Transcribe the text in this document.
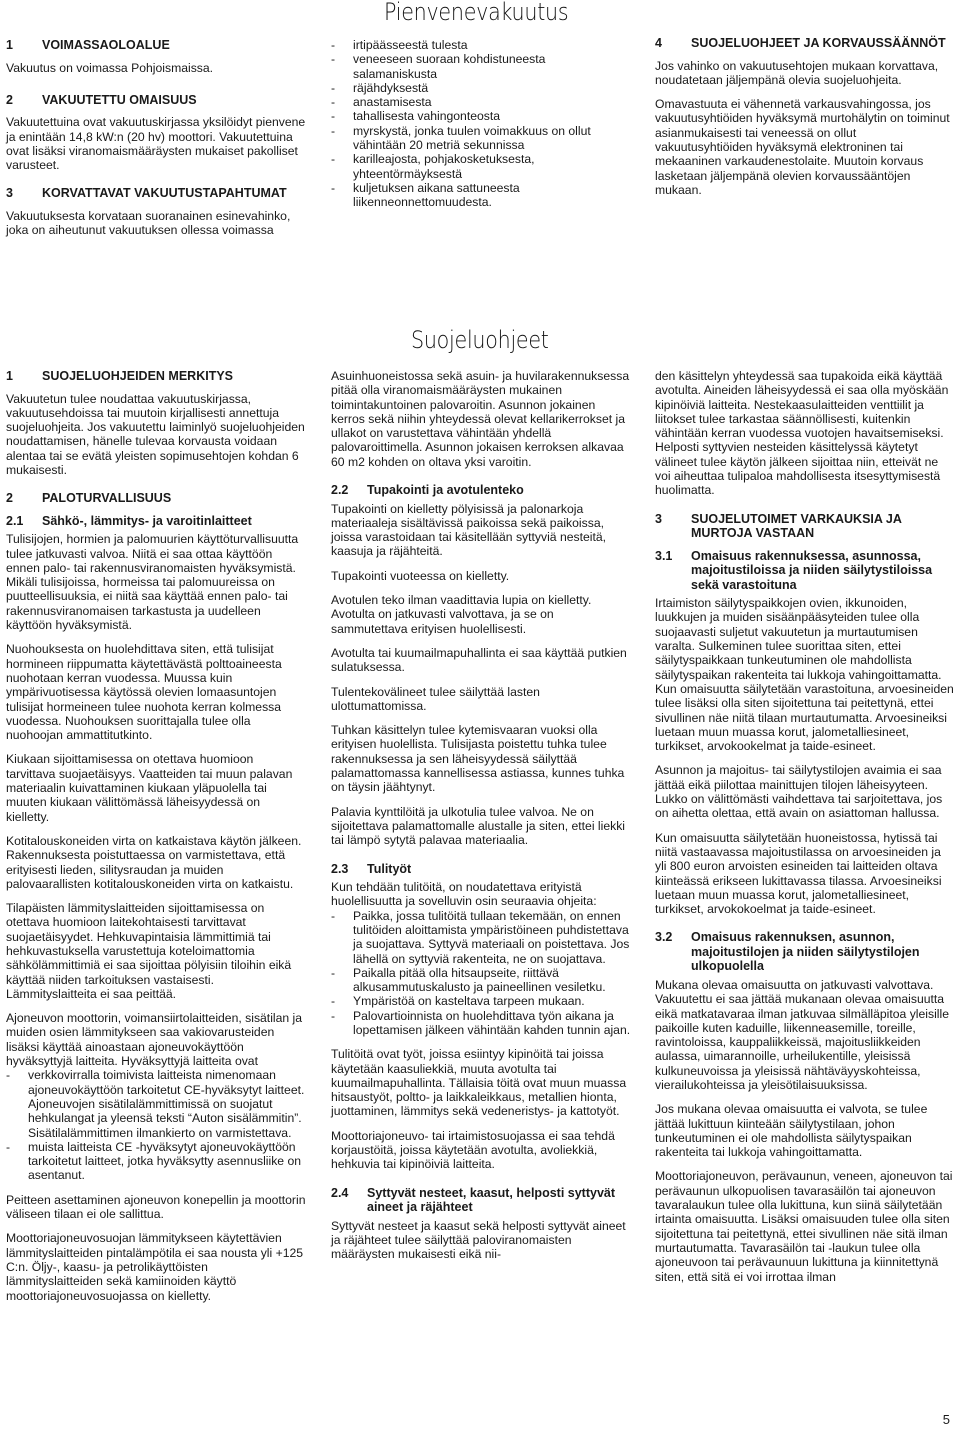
Pienvenevakuutus
1	VOIMASSAOLOALUE

Vakuutus on voimassa Pohjoismaissa.

2	VAKUUTETTU OMAISUUS

Vakuutettuina ovat vakuutuskirjassa yksilöidyt pienvene ja enintään 14,8 kW:n (20 hv) moottori. Vakuutettuina ovat lisäksi viranomaismääräysten mukaiset pakolliset varusteet.

3	KORVATTAVAT VAKUUTUSTAPAHTUMAT

Vakuutuksesta korvataan suoranainen esinevahinko, joka on aiheutunut vakuutuksen ollessa voimassa

-	irtipäässeestä tulesta
-	veneeseen suoraan kohdistuneesta salamaniskusta
-	räjähdyksestä
-	anastamisesta
-	tahallisesta vahingonteosta
-	myrskystä, jonka tuulen voimakkuus on ollut vähintään 20 metriä sekunnissa
-	karilleajosta, pohjakosketuksesta, yhteentörmäyksestä
-	kuljetuksen aikana sattuneesta liikenneonnettomuudesta.
4	SUOJELUOHJEET JA KORVAUSSÄÄNNÖT

Jos vahinko on vakuutusehtojen mukaan korvattava, noudatetaan jäljempänä olevia suojeluohjeita.

Omavastuuta ei vähennetä varkausvahingossa, jos vakuutusyhtiöiden hyväksymä murtohälytin on toiminut asianmukaisesti tai veneessä on ollut vakuutusyhtiöiden hyväksymä elektroninen tai mekaaninen varkaudenestolaite. Muutoin korvaus lasketaan jäljempänä olevien korvaussääntöjen mukaan.

Suojeluohjeet
1	SUOJELUOHJEIDEN MERKITYS

Vakuutetun tulee noudattaa vakuutuskirjassa, vakuutusehdoissa tai muutoin kirjallisesti annettuja suojeluohjeita. Jos vakuutettu laiminlyö suojeluohjeiden noudattamisen, hänelle tulevaa korvausta voidaan alentaa tai se evätä yleisten sopimusehtojen kohdan 6 mukaisesti.

2	PALOTURVALLISUUS
2.1	Sähkö-, lämmitys- ja varoitinlaitteet

Tulisijojen, hormien ja palomuurien käyttöturvallisuutta tulee jatkuvasti valvoa. Niitä ei saa ottaa käyttöön ennen palo- tai rakennusviranomaisten hyväksymistä. Mikäli tulisijoissa, hormeissa tai palomuureissa on puutteellisuuksia, ei niitä saa käyttää ennen palo- tai rakennusviranomaisen tarkastusta ja uudelleen käyttöön hyväksymistä.

Nuohouksesta on huolehdittava siten, että tulisijat hormineen riippumatta käytettävästä polttoaineesta nuohotaan kerran vuodessa. Muussa kuin ympärivuotisessa käytössä olevien lomaasuntojen tulisijat hormeineen tulee nuohota kerran kolmessa vuodessa. Nuohouksen suorittajalla tulee olla nuohoojan ammattitutkinto.

Kiukaan sijoittamisessa on otettava huomioon tarvittava suojaetäisyys. Vaatteiden tai muun palavan materiaalin kuivattaminen kiukaan yläpuolella tai muuten kiukaan välittömässä läheisyydessä on kielletty.

Kotitalouskoneiden virta on katkaistava käytön jälkeen. Rakennuksesta poistuttaessa on varmistettava, että erityisesti lieden, silitysraudan ja muiden palovaarallisten kotitalouskoneiden virta on katkaistu.

Tilapäisten lämmityslaitteiden sijoittamisessa on otettava huomioon laitekohtaisesti tarvittavat suojaetäisyydet. Hehkuvapintaisia lämmittimiä tai hehkuvastuksella varustettuja koteloimattomia sähkölämmittimiä ei saa sijoittaa pölyisiin tiloihin eikä käyttää niiden tarkoituksen vastaisesti. Lämmityslaitteita ei saa peittää.

Ajoneuvon moottorin, voimansiirtolaitteiden, sisätilan ja muiden osien lämmitykseen saa vakiovarusteiden lisäksi käyttää ainoastaan ajoneuvokäyttöön hyväksyttyjä laitteita. Hyväksyttyjä laitteita ovat

-	verkkovirralla toimivista laitteista nimenomaan ajoneuvokäyttöön tarkoitetut CE-hyväksytyt laitteet. Ajoneuvojen sisätilalämmittimissä on suojatut hehkulangat ja yleensä teksti “Auton sisälämmitin”. Sisätilalämmittimen ilmankierto on varmistettava.
-	muista laitteista CE -hyväksytyt ajoneuvokäyttöön tarkoitetut laitteet, jotka hyväksytty asennusliike on asentanut.

Peitteen asettaminen ajoneuvon konepellin ja moottorin väliseen tilaan ei ole sallittua.

Moottoriajoneuvosuojan lämmitykseen käytettävien lämmityslaitteiden pintalämpötila ei saa nousta yli +125 C:n. Öljy-, kaasu- ja petrolikäyttöisten lämmityslaitteiden sekä kamiinoiden käyttö moottoriajoneuvosuojassa on kielletty.

Asuinhuoneistossa sekä asuin- ja huvilarakennuksessa pitää olla viranomaismääräysten mukainen toimintakuntoinen palovaroitin. Asunnon jokainen kerros sekä niihin yhteydessä olevat kellarikerrokset ja ullakot on varustettava vähintään yhdellä palovaroittimella. Asunnon jokaisen kerroksen alkavaa 60 m2 kohden on oltava yksi varoitin.

2.2	Tupakointi ja avotulenteko

Tupakointi on kielletty pölyisissä ja palonarkoja materiaaleja sisältävissä paikoissa sekä paikoissa, joissa varastoidaan tai käsitellään syttyviä nesteitä, kaasuja ja räjähteitä.

Tupakointi vuoteessa on kielletty.

Avotulen teko ilman vaadittavia lupia on kielletty. Avotulta on jatkuvasti valvottava, ja se on sammutettava erityisen huolellisesti.

Avotulta tai kuumailmapuhallinta ei saa käyttää putkien sulatuksessa.

Tulentekovälineet tulee säilyttää lasten ulottumattomissa.

Tuhkan käsittelyn tulee kytemisvaaran vuoksi olla erityisen huolellista. Tulisijasta poistettu tuhka tulee rakennuksessa ja sen läheisyydessä säilyttää palamattomassa kannellisessa astiassa, kunnes tuhka on täysin jäähtynyt.

Palavia kynttilöitä ja ulkotulia tulee valvoa. Ne on sijoitettava palamattomalle alustalle ja siten, ettei liekki tai lämpö sytytä palavaa materiaalia.

2.3	Tulityöt

Kun tehdään tulitöitä, on noudatettava erityistä huolellisuutta ja sovelluvin osin seuraavia ohjeita:

-	Paikka, jossa tulitöitä tullaan tekemään, on ennen tulitöiden aloittamista ympäristöineen puhdistettava ja suojattava. Syttyvä materiaali on poistettava. Jos lähellä on syttyviä rakenteita, ne on suojattava.
-	Paikalla pitää olla hitsaupseite, riittävä alkusammutuskalusto ja paineellinen vesiletku.
-	Ympäristöä on kasteltava tarpeen mukaan.
-	Palovartioinnista on huolehdittava työn aikana ja lopettamisen jälkeen vähintään kahden tunnin ajan.

Tulitöitä ovat työt, joissa esiintyy kipinöitä tai joissa käytetään kaasuliekkiä, muuta avotulta tai kuumailmapuhallinta. Tällaisia töitä ovat muun muassa hitsaustyöt, poltto- ja laikkaleikkaus, metallien hionta, juottaminen, lämmitys sekä vedeneristys- ja kattotyöt.

Moottoriajoneuvo- tai irtaimistosuojassa ei saa tehdä korjaustöitä, joissa käytetään avotulta, avoliekkiä, hehkuvia tai kipinöiviä laitteita.

2.4	Syttyvät nesteet, kaasut, helposti syttyvät aineet ja räjähteet

Syttyvät nesteet ja kaasut sekä helposti syttyvät aineet ja räjähteet tulee säilyttää paloviranomaisten määräysten mukaisesti eikä nii-

den käsittelyn yhteydessä saa tupakoida eikä käyttää avotulta. Aineiden läheisyydessä ei saa olla myöskään kipinöiviä laitteita. Nestekaasulaitteiden venttiilit ja liitokset tulee tarkastaa säännöllisesti, kuitenkin vähintään kerran vuodessa vuotojen havaitsemiseksi. Helposti syttyvien nesteiden käsittelyssä käytetyt välineet tulee käytön jälkeen sijoittaa niin, etteivät ne voi aiheuttaa tulipaloa mahdollisesta itsesyttymisestä huolimatta.

3	SUOJELUTOIMET VARKAUKSIA JA MURTOJA VASTAAN
3.1	Omaisuus rakennuksessa, asunnossa, majoitustiloissa ja niiden säilytystiloissa sekä varastoituna

Irtaimiston säilytyspaikkojen ovien, ikkunoiden, luukkujen ja muiden sisäänpääsyteiden tulee olla suojaavasti suljetut vakuutetun ja murtautumisen varalta. Sulkeminen tulee suorittaa siten, ettei säilytyspaikkaan tunkeutuminen ole mahdollista säilytyspaikan rakenteita tai lukkoja vahingoittamatta. Kun omaisuutta säilytetään varastoituna, arvoesineiden tulee lisäksi olla siten sijoitettuna tai peitettynä, ettei sivullinen näe niitä tilaan murtautumatta. Arvoesineiksi luetaan muun muassa korut, jalometalliesineet, turkikset, arvokookelmat ja taide-esineet.

Asunnon ja majoitus- tai säilytystilojen avaimia ei saa jättää eikä piilottaa mainittujen tilojen läheisyyteen. Lukko on välittömästi vaihdettava tai sarjoitettava, jos on aihetta olettaa, että avain on asiattoman hallussa.

Kun omaisuutta säilytetään huoneistossa, hytissä tai niitä vastaavassa majoitustilassa on arvoesineiden ja yli 800 euron arvoisten esineiden tai laitteiden oltava kiinteässä erikseen lukittavassa tilassa. Arvoesineiksi luetaan muun muassa korut, jalometalliesineet, turkikset, arvokokoelmat ja taide-esineet.

3.2	Omaisuus rakennuksen, asunnon, majoitustilojen ja niiden säilytystilojen ulkopuolella

Mukana olevaa omaisuutta on jatkuvasti valvottava. Vakuutettu ei saa jättää mukanaan olevaa omaisuutta eikä matkatavaraa ilman jatkuvaa silmälläpitoa yleisille paikoille kuten kaduille, liikenneasemille, toreille, ravintoloissa, kauppaliikkeissä, majoitusliikkeiden aulassa, uimarannoille, urheilukentille, yleisissä kulkuneuvoissa ja yleisissä nähtäväyyskohteissa, vierailukohteissa ja yleisötilaisuuksissa.

Jos mukana olevaa omaisuutta ei valvota, se tulee jättää lukittuun kiinteään säilytystilaan, johon tunkeutuminen ei ole mahdollista säilytyspaikan rakenteita tai lukkoja vahingoittamatta.

Moottoriajoneuvon, perävaunun, veneen, ajoneuvon tai perävaunun ulkopuolisen tavarasäilön tai ajoneuvon tavaralaukun tulee olla lukittuna, kun siinä säilytetään irtainta omaisuutta. Lisäksi omaisuuden tulee olla siten sijoitettuna tai peitettynä, ettei sivullinen näe sitä ilman murtautumatta. Tavarasäilön tai -laukun tulee olla ajoneuvoon tai perävaunuun lukittuna ja kiinnitettynä siten, että sitä ei voi irrottaa ilman

5
